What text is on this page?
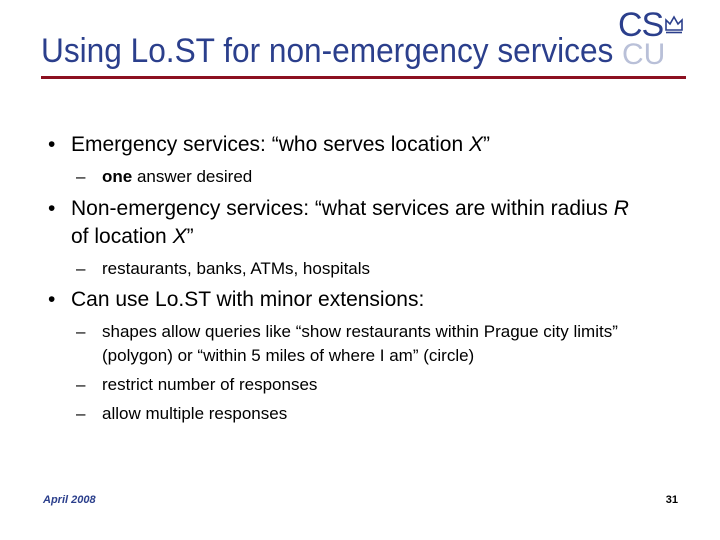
CS
CU
Using Lo.ST for non-emergency services
• Emergency services: “who serves location X”
– one answer desired
• Non-emergency services: “what services are within radius R of location X”
– restaurants, banks, ATMs, hospitals
• Can use Lo.ST with minor extensions:
– shapes allow queries like “show restaurants within Prague city limits” (polygon) or “within 5 miles of where I am” (circle)
– restrict number of responses
– allow multiple responses
April 2008	31
